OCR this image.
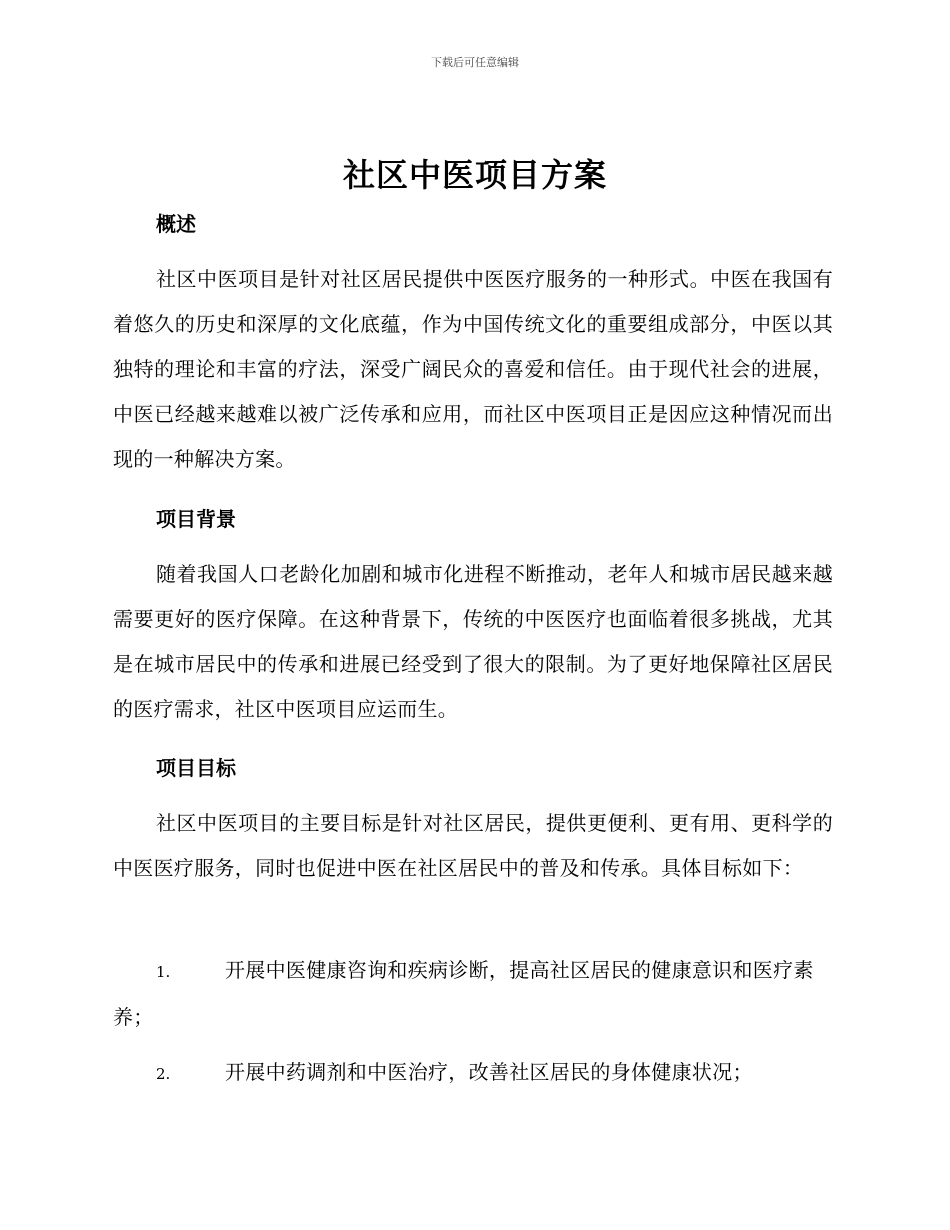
下载后可任意编辑
社区中医项目方案
概述

社区中医项目是针对社区居民提供中医医疗服务的一种形式。中医在我国有着悠久的历史和深厚的文化底蕴，作为中国传统文化的重要组成部分，中医以其独特的理论和丰富的疗法，深受广阔民众的喜爱和信任。由于现代社会的进展，中医已经越来越难以被广泛传承和应用，而社区中医项目正是因应这种情况而出现的一种解决方案。

项目背景

随着我国人口老龄化加剧和城市化进程不断推动，老年人和城市居民越来越需要更好的医疗保障。在这种背景下，传统的中医医疗也面临着很多挑战，尤其是在城市居民中的传承和进展已经受到了很大的限制。为了更好地保障社区居民的医疗需求，社区中医项目应运而生。

项目目标

社区中医项目的主要目标是针对社区居民，提供更便利、更有用、更科学的中医医疗服务，同时也促进中医在社区居民中的普及和传承。具体目标如下：

1.	开展中医健康咨询和疾病诊断，提高社区居民的健康意识和医疗素养；

2.	开展中药调剂和中医治疗，改善社区居民的身体健康状况；
